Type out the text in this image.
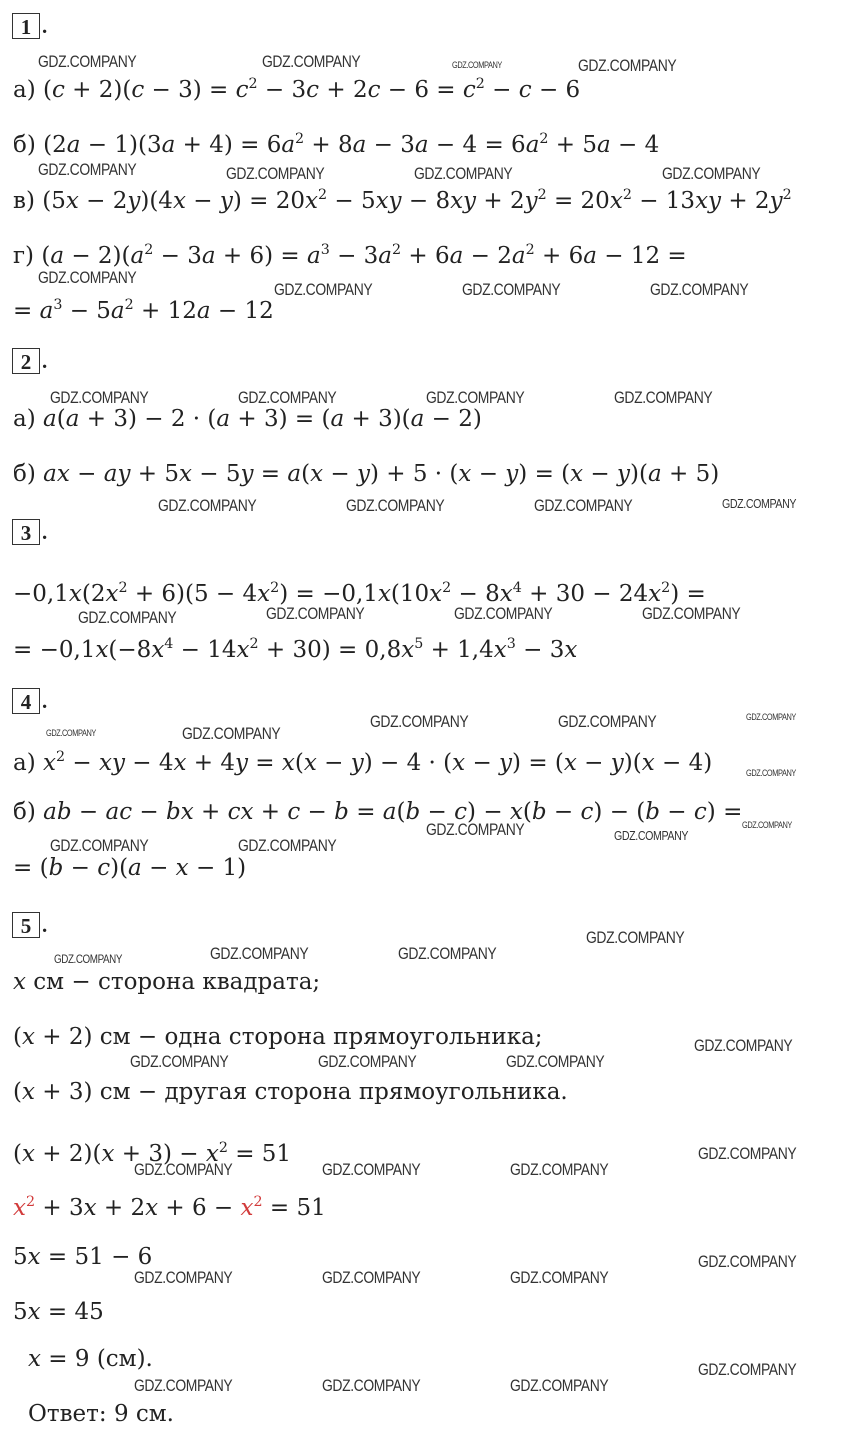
1 .
а) $(c + 2)(c - 3) = c^2 - 3c + 2c - 6 = c^2 - c - 6$
б) $(2a - 1)(3a + 4) = 6a^2 + 8a - 3a - 4 = 6a^2 + 5a - 4$
в) $(5x - 2y)(4x - y) = 20x^2 - 5xy - 8xy + 2y^2 = 20x^2 - 13xy + 2y^2$
г) $(a - 2)(a^2 - 3a + 6) = a^3 - 3a^2 + 6a - 2a^2 + 6a - 12$ =
= $a^3 - 5a^2 + 12a - 12$
2 .
а) a(a + 3) − 2 · (a + 3) = (a + 3)(a − 2)
б) ax − ay + 5x − 5y = a(x − y) + 5 · (x − y) = (x − y)(a + 5)
3 .
$-0,1x(2x^2 + 6)(5 - 4x^2) = -0,1x(10x^2 - 8x^4 + 30 - 24x^2)$ =
= $-0,1x(-8x^4 - 14x^2 + 30) = 0,8x^5 + 1,4x^3 - 3x$
4 .
а) $x^2$ − xy − 4x + 4y = x(x − y) − 4 · (x − y) = (x − y)(x − 4)
б) ab − ac − bx + cx + c − b = a(b − c) − x(b − c) − (b − c) =
= (b − c)(a − x − 1)
5 .
x см − сторона квадрата;
(x + 2) см − одна сторона прямоугольника;
(x + 3) см − другая сторона прямоугольника.
$(x + 2)(x + 3) - x^2 = 51$
$x^2 + 3x + 2x + 6 - x^2 = 51$
5x = 51 − 6
5x = 45
x = 9 (см).
Ответ: 9 см.
GDZ.COMPANY	GDZ.COMPANY	GDZ.COMPANY	GDZ.COMPANY
GDZ.COMPANY	GDZ.COMPANY	GDZ.COMPANY	GDZ.COMPANY
GDZ.COMPANY
GDZ.COMPANY	GDZ.COMPANY	GDZ.COMPANY
GDZ.COMPANY	GDZ.COMPANY	GDZ.COMPANY	GDZ.COMPANY
GDZ.COMPANY	GDZ.COMPANY	GDZ.COMPANY	GDZ.COMPANY
GDZ.COMPANY	GDZ.COMPANY	GDZ.COMPANY	GDZ.COMPANY
GDZ.COMPANY	GDZ.COMPANY
GDZ.COMPANY	GDZ.COMPANY	GDZ.COMPANY
GDZ.COMPANY
GDZ.COMPANY	GDZ.COMPANY
GDZ.COMPANY
GDZ.COMPANY	GDZ.COMPANY
GDZ.COMPANY
GDZ.COMPANY	GDZ.COMPANY	GDZ.COMPANY
GDZ.COMPANY
GDZ.COMPANY	GDZ.COMPANY	GDZ.COMPANY
GDZ.COMPANY
GDZ.COMPANY	GDZ.COMPANY	GDZ.COMPANY
GDZ.COMPANY
GDZ.COMPANY	GDZ.COMPANY	GDZ.COMPANY
GDZ.COMPANY
GDZ.COMPANY	GDZ.COMPANY	GDZ.COMPANY
